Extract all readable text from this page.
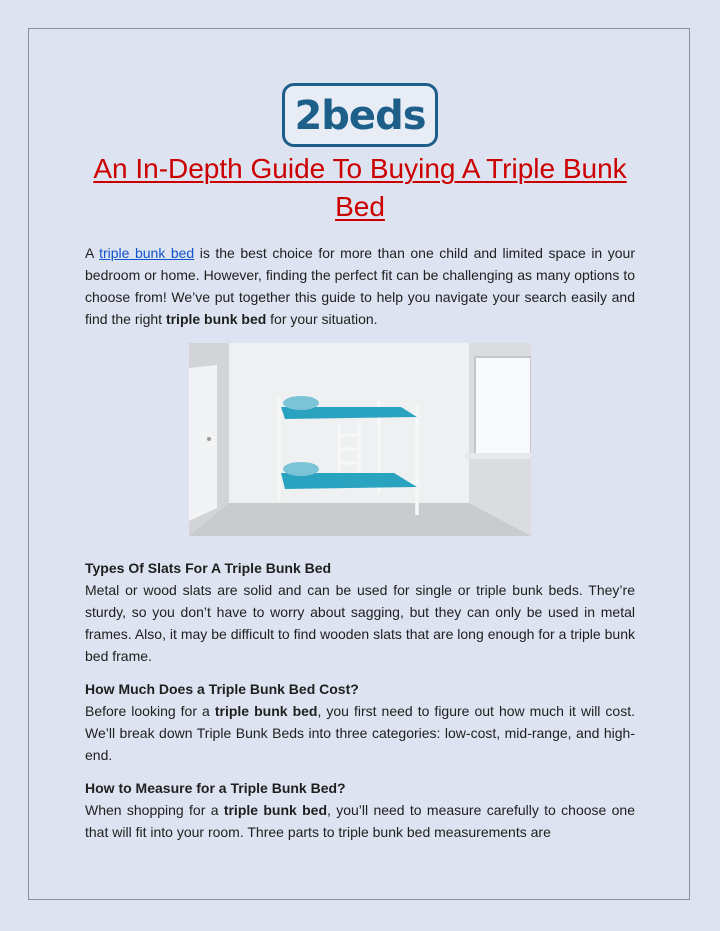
2beds
An In-Depth Guide To Buying A Triple Bunk
Bed
A triple bunk bed is the best choice for more than one child and limited space in your bedroom or home. However, finding the perfect fit can be challenging as many options to choose from! We’ve put together this guide to help you navigate your search easily and find the right triple bunk bed for your situation.
Types Of Slats For A Triple Bunk Bed
Metal or wood slats are solid and can be used for single or triple bunk beds. They’re sturdy, so you don’t have to worry about sagging, but they can only be used in metal frames. Also, it may be difficult to find wooden slats that are long enough for a triple bunk bed frame.
How Much Does a Triple Bunk Bed Cost?
Before looking for a triple bunk bed, you first need to figure out how much it will cost. We’ll break down Triple Bunk Beds into three categories: low-cost, mid-range, and high-end.
How to Measure for a Triple Bunk Bed?
When shopping for a triple bunk bed, you’ll need to measure carefully to choose one that will fit into your room. Three parts to triple bunk bed measurements are
